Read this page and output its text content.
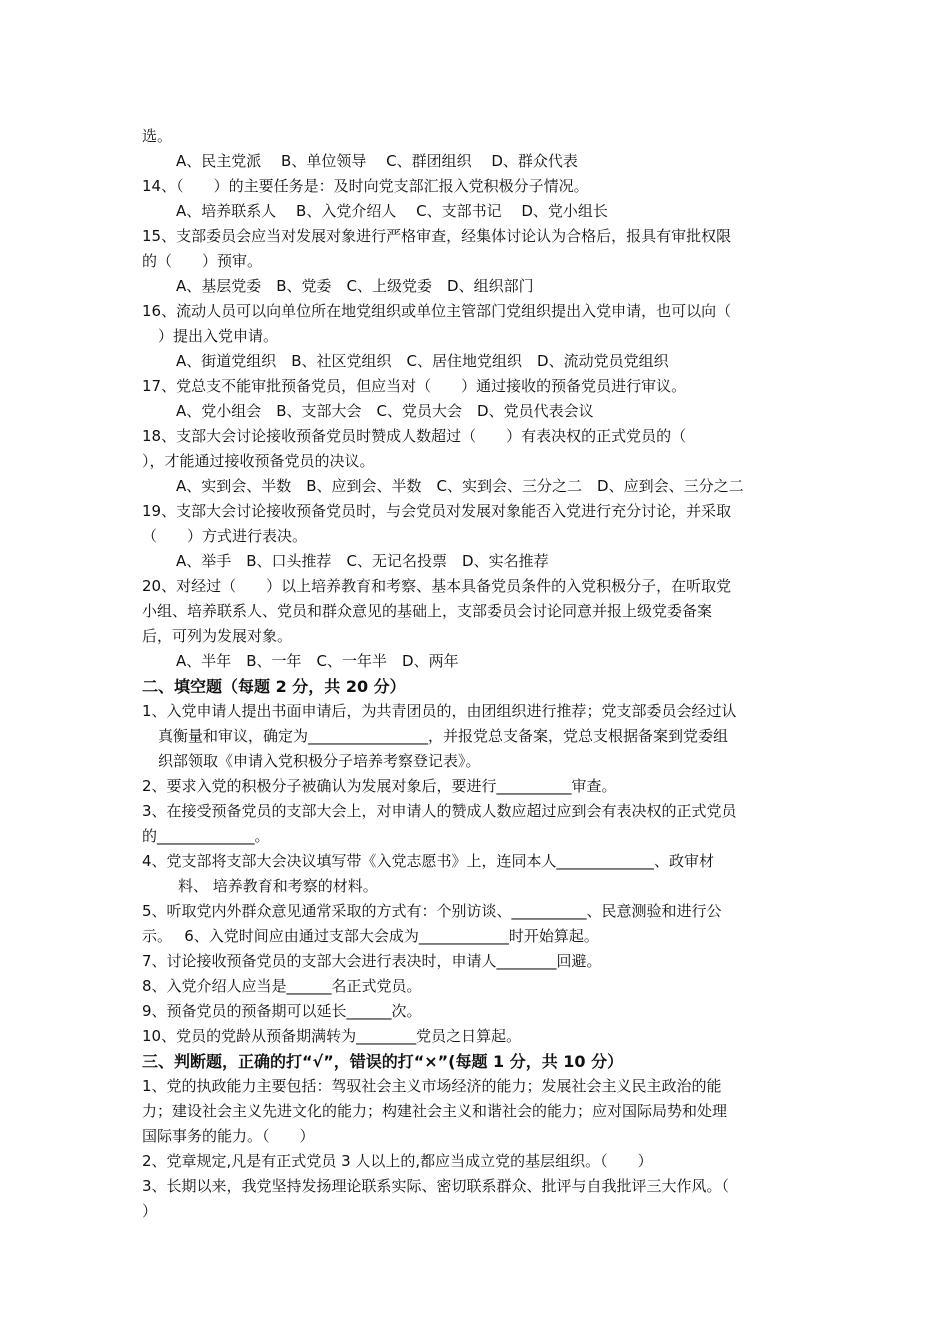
选。
A、民主党派　 B、单位领导 　C、群团组织 　D、群众代表
14、（　　）的主要任务是：及时向党支部汇报入党积极分子情况。
A、培养联系人 　B、入党介绍人　 C、支部书记 　D、党小组长
15、支部委员会应当对发展对象进行严格审查，经集体讨论认为合格后，报具有审批权限
的（　　）预审。
A、基层党委　B、党委　C、上级党委　D、组织部门
16、流动人员可以向单位所在地党组织或单位主管部门党组织提出入党申请，也可以向（
）提出入党申请。
A、街道党组织　B、社区党组织　C、居住地党组织　D、流动党员党组织
17、党总支不能审批预备党员，但应当对（　　）通过接收的预备党员进行审议。
A、党小组会　B、支部大会　C、党员大会　D、党员代表会议
18、支部大会讨论接收预备党员时赞成人数超过（　　）有表决权的正式党员的（
），才能通过接收预备党员的决议。
A、实到会、半数　B、应到会、半数　C、实到会、三分之二　D、应到会、三分之二
19、支部大会讨论接收预备党员时，与会党员对发展对象能否入党进行充分讨论，并采取
（　　）方式进行表决。
A、举手　B、口头推荐　C、无记名投票　D、实名推荐
20、对经过（　　）以上培养教育和考察、基本具备党员条件的入党积极分子，在听取党
小组、培养联系人、党员和群众意见的基础上，支部委员会讨论同意并报上级党委备案
后，可列为发展对象。
A、半年　B、一年　C、一年半　D、两年
二、填空题（每题 2 分，共 20 分）
1、入党申请人提出书面申请后，为共青团员的，由团组织进行推荐；党支部委员会经过认
真衡量和审议，确定为________________，并报党总支备案，党总支根据备案到党委组
织部领取《申请入党积极分子培养考察登记表》。
2、要求入党的积极分子被确认为发展对象后，要进行__________审查。
3、在接受预备党员的支部大会上，对申请人的赞成人数应超过应到会有表决权的正式党员
的_____________。
4、党支部将支部大会决议填写带《入党志愿书》上，连同本人_____________、政审材
料、 培养教育和考察的材料。
5、听取党内外群众意见通常采取的方式有：个别访谈、__________、民意测验和进行公
示。　 6、入党时间应由通过支部大会成为____________时开始算起。
7、讨论接收预备党员的支部大会进行表决时，申请人________回避。
8、入党介绍人应当是______名正式党员。
9、预备党员的预备期可以延长______次。
10、党员的党龄从预备期满转为________党员之日算起。
三、判断题，正确的打“√”，错误的打“×”(每题 1 分，共 10 分）
1、党的执政能力主要包括：驾驭社会主义市场经济的能力；发展社会主义民主政治的能
力；建设社会主义先进文化的能力；构建社会主义和谐社会的能力；应对国际局势和处理
国际事务的能力。（　　）
2、党章规定,凡是有正式党员 3 人以上的,都应当成立党的基层组织。（　　）
3、长期以来，我党坚持发扬理论联系实际、密切联系群众、批评与自我批评三大作风。（
）
